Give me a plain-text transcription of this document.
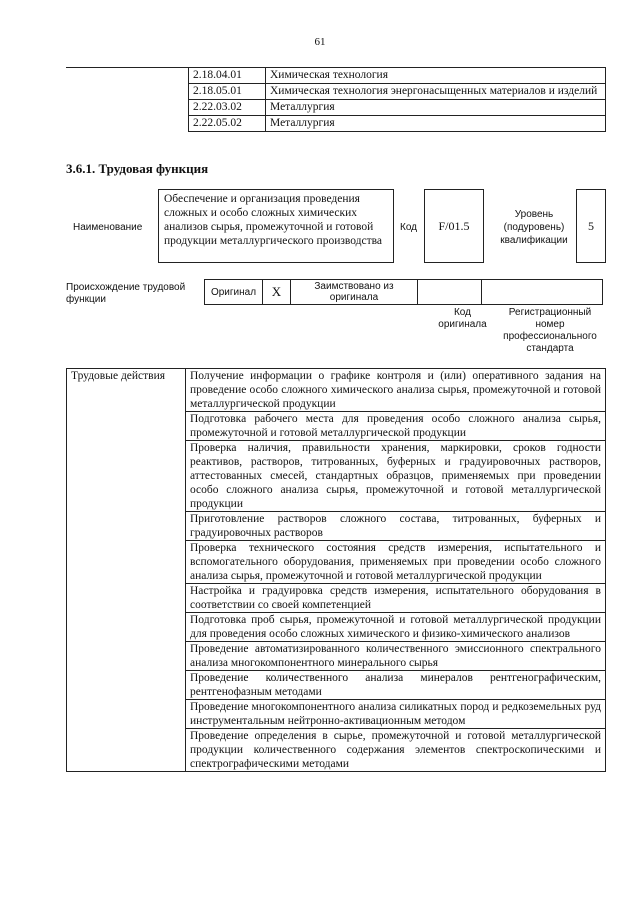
61
	2.18.04.01	Химическая технология
	2.18.05.01	Химическая технология энергонасыщенных материалов и изделий
	2.22.03.02	Металлургия
	2.22.05.02	Металлургия
3.6.1. Трудовая функция
Наименование
Обеспечение и организация проведения сложных и особо сложных химических анализов сырья, промежуточной и готовой продукции металлургического производства
Код	F/01.5
Уровень (подуровень) квалификации
5
Происхождение трудовой функции
Оригинал	X	Заимствовано из оригинала
Код оригинала
Регистрационный номер профессионального стандарта
Трудовые действия	Получение информации о графике контроля и (или) оперативного задания на проведение особо сложного химического анализа сырья, промежуточной и готовой металлургической продукции
Подготовка рабочего места для проведения особо сложного анализа сырья, промежуточной и готовой металлургической продукции
Проверка наличия, правильности хранения, маркировки, сроков годности реактивов, растворов, титрованных, буферных и градуировочных растворов, аттестованных смесей, стандартных образцов, применяемых при проведении особо сложного анализа сырья, промежуточной и готовой металлургической продукции
Приготовление растворов сложного состава, титрованных, буферных и градуировочных растворов
Проверка технического состояния средств измерения, испытательного и вспомогательного оборудования, применяемых при проведении особо сложного анализа сырья, промежуточной и готовой металлургической продукции
Настройка и градуировка средств измерения, испытательного оборудования в соответствии со своей компетенцией
Подготовка проб сырья, промежуточной и готовой металлургической продукции для проведения особо сложных химического и физико-химического анализов
Проведение автоматизированного количественного эмиссионного спектрального анализа многокомпонентного минерального сырья
Проведение количественного анализа минералов рентгенографическим, рентгенофазным методами
Проведение многокомпонентного анализа силикатных пород и редкоземельных руд инструментальным нейтронно-активационным методом
Проведение определения в сырье, промежуточной и готовой металлургической продукции количественного содержания элементов спектроскопическими и спектрографическими методами
